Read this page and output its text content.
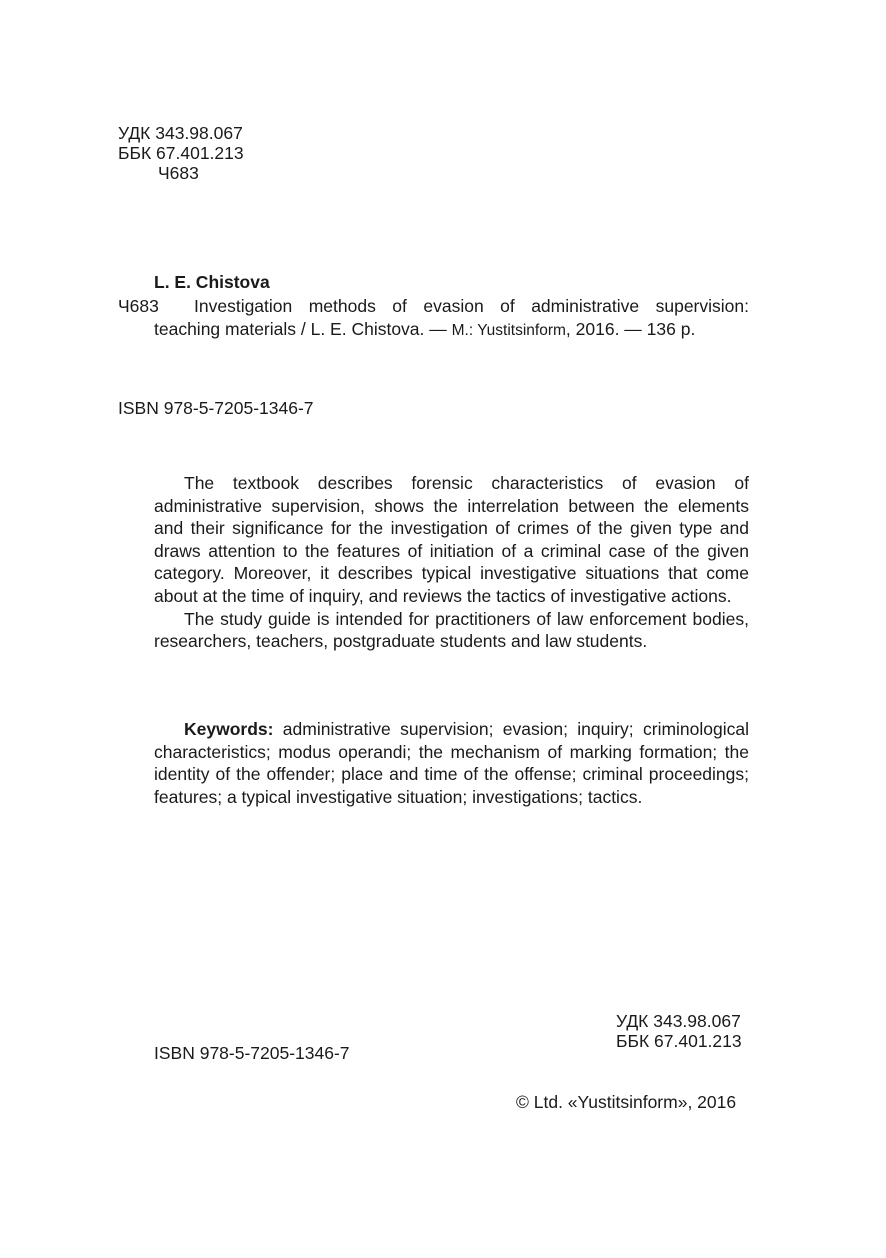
УДК 343.98.067
ББК 67.401.213
Ч683
L. E. Chistova
Ч683	Investigation methods of evasion of administrative supervision:
teaching materials / L. E. Chistova. — M.: Yustitsinform, 2016. — 136 p.
ISBN 978-5-7205-1346-7

The textbook describes forensic characteristics of evasion of administrative supervision, shows the interrelation between the elements and their significance for the investigation of crimes of the given type and draws attention to the features of initiation of a criminal case of the given category. Moreover, it describes typical investigative situations that come about at the time of inquiry, and reviews the tactics of investigative actions.

The study guide is intended for practitioners of law enforcement bodies, researchers, teachers, postgraduate students and law students.

Keywords: administrative supervision; evasion; inquiry; criminological characteristics; modus operandi; the mechanism of marking formation; the identity of the offender; place and time of the offense; criminal proceedings; features; a typical investigative situation; investigations; tactics.

УДК 343.98.067
ББК 67.401.213
ISBN 978-5-7205-1346-7
© Ltd. «Yustitsinform», 2016
